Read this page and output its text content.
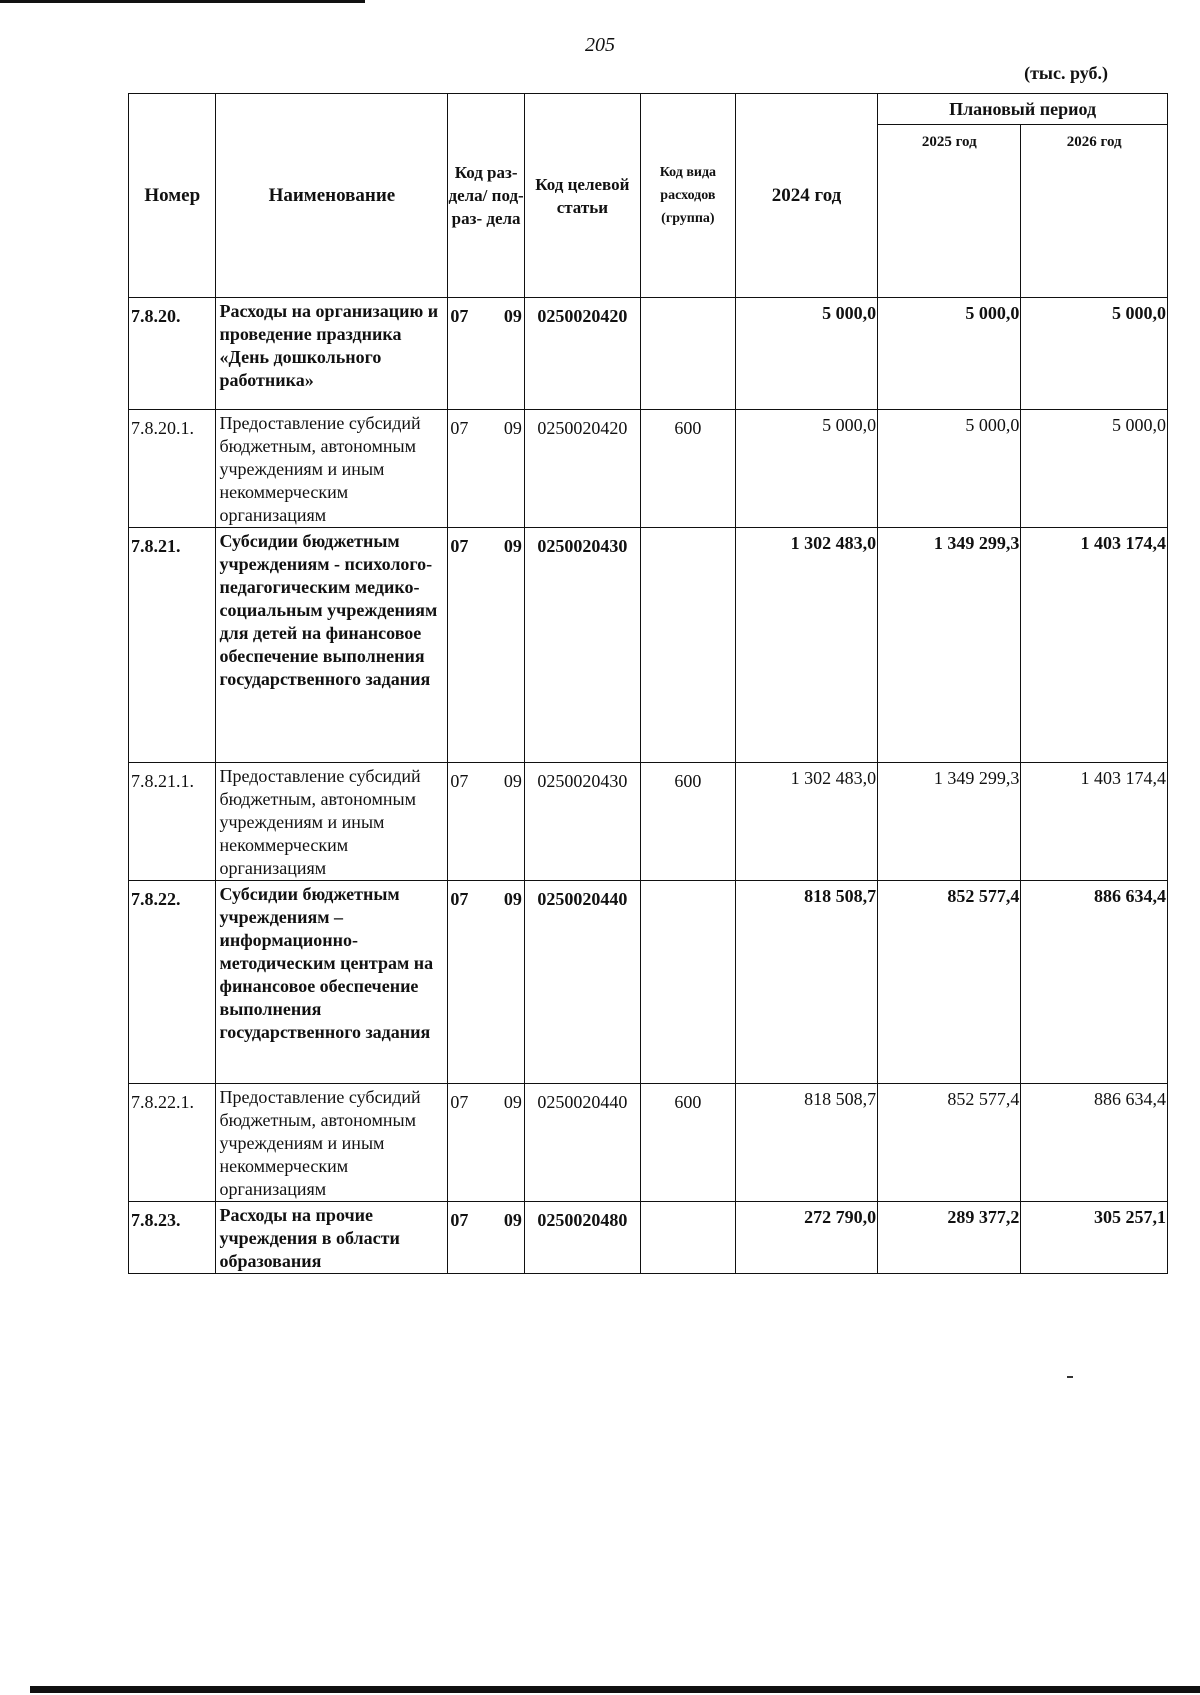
205
(тыс. руб.)
Номер	Наименование	Код раз- дела/ под- раз- дела	Код целевой статьи	Код вида расходов (группа)	2024 год	Плановый период	
						2025 год	2026 год
7.8.20.	Расходы на организацию и проведение праздника «День дошкольного работника»	07 09	0250020420		5 000,0	5 000,0	5 000,0
7.8.20.1.	Предоставление субсидий бюджетным, автономным учреждениям и иным некоммерческим организациям	07 09	0250020420	600	5 000,0	5 000,0	5 000,0
7.8.21.	Субсидии бюджетным учреждениям - психолого-педагогическим медико-социальным учреждениям для детей на финансовое обеспечение выполнения государственного задания	07 09	0250020430		1 302 483,0	1 349 299,3	1 403 174,4
7.8.21.1.	Предоставление субсидий бюджетным, автономным учреждениям и иным некоммерческим организациям	07 09	0250020430	600	1 302 483,0	1 349 299,3	1 403 174,4
7.8.22.	Субсидии бюджетным учреждениям – информационно-методическим центрам на финансовое обеспечение выполнения государственного задания	07 09	0250020440		818 508,7	852 577,4	886 634,4
7.8.22.1.	Предоставление субсидий бюджетным, автономным учреждениям и иным некоммерческим организациям	07 09	0250020440	600	818 508,7	852 577,4	886 634,4
7.8.23.	Расходы на прочие учреждения в области образования	07 09	0250020480		272 790,0	289 377,2	305 257,1
